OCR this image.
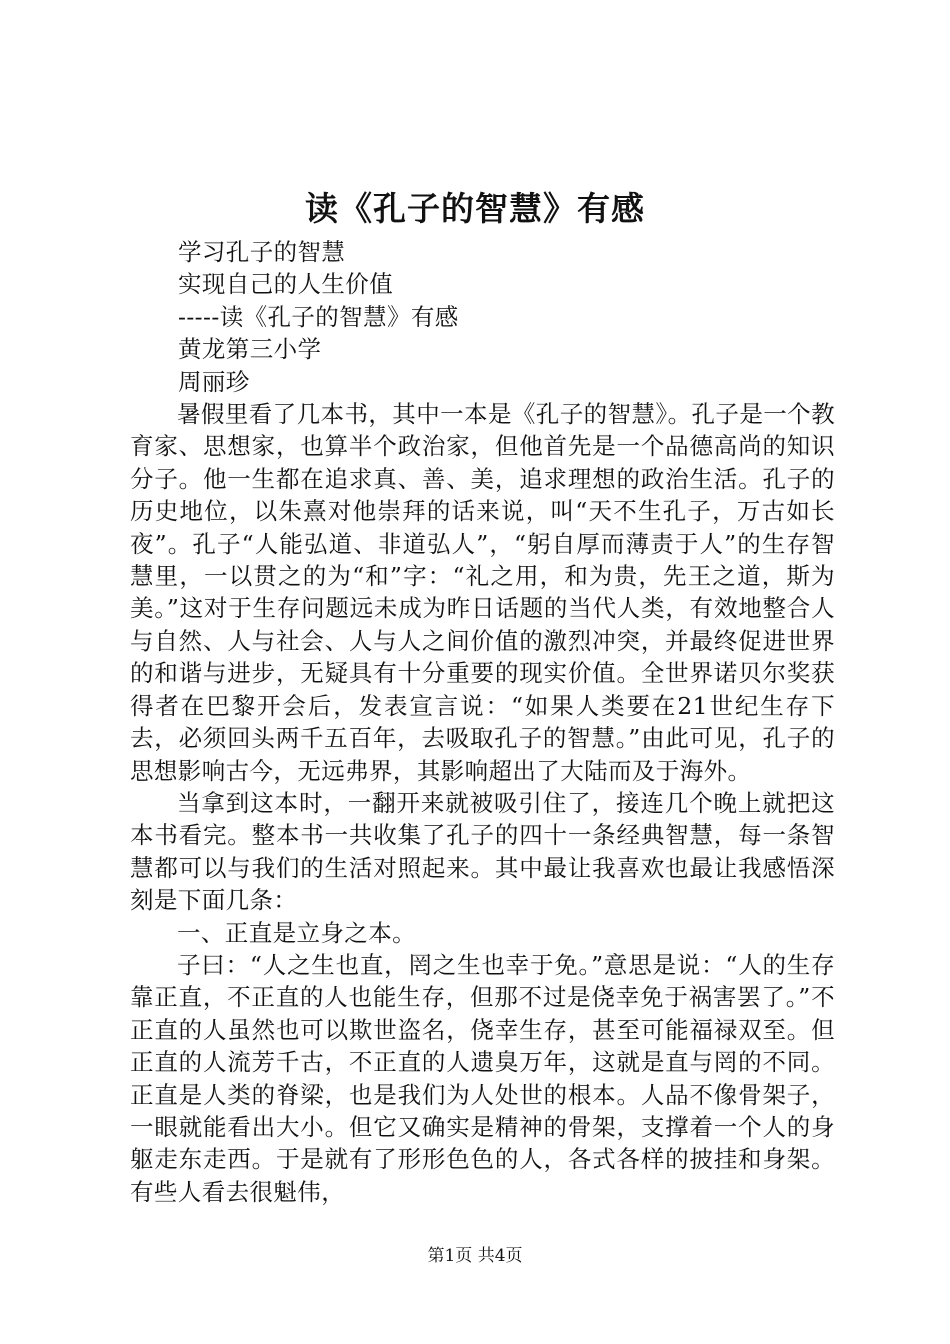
读《孔子的智慧》有感

学习孔子的智慧

实现自己的人生价值

-----读《孔子的智慧》有感

黄龙第三小学

周丽珍

暑假里看了几本书，其中一本是《孔子的智慧》。孔子是一个教育家、思想家，也算半个政治家，但他首先是一个品德高尚的知识分子。他一生都在追求真、善、美，追求理想的政治生活。孔子的历史地位，以朱熹对他崇拜的话来说，叫“天不生孔子，万古如长夜”。孔子“人能弘道、非道弘人”，“躬自厚而薄责于人”的生存智慧里，一以贯之的为“和”字：“礼之用，和为贵，先王之道，斯为美。”这对于生存问题远未成为昨日话题的当代人类，有效地整合人与自然、人与社会、人与人之间价值的激烈冲突，并最终促进世界的和谐与进步，无疑具有十分重要的现实价值。全世界诺贝尔奖获得者在巴黎开会后，发表宣言说：“如果人类要在21世纪生存下去，必须回头两千五百年，去吸取孔子的智慧。”由此可见，孔子的思想影响古今，无远弗界，其影响超出了大陆而及于海外。

当拿到这本时，一翻开来就被吸引住了，接连几个晚上就把这本书看完。整本书一共收集了孔子的四十一条经典智慧，每一条智慧都可以与我们的生活对照起来。其中最让我喜欢也最让我感悟深刻是下面几条：

一、正直是立身之本。

子曰：“人之生也直，罔之生也幸于免。”意思是说：“人的生存靠正直，不正直的人也能生存，但那不过是侥幸免于祸害罢了。”不正直的人虽然也可以欺世盗名，侥幸生存，甚至可能福禄双至。但正直的人流芳千古，不正直的人遗臭万年，这就是直与罔的不同。正直是人类的脊梁，也是我们为人处世的根本。人品不像骨架子，一眼就能看出大小。但它又确实是精神的骨架，支撑着一个人的身躯走东走西。于是就有了形形色色的人，各式各样的披挂和身架。有些人看去很魁伟，

第1页 共4页
